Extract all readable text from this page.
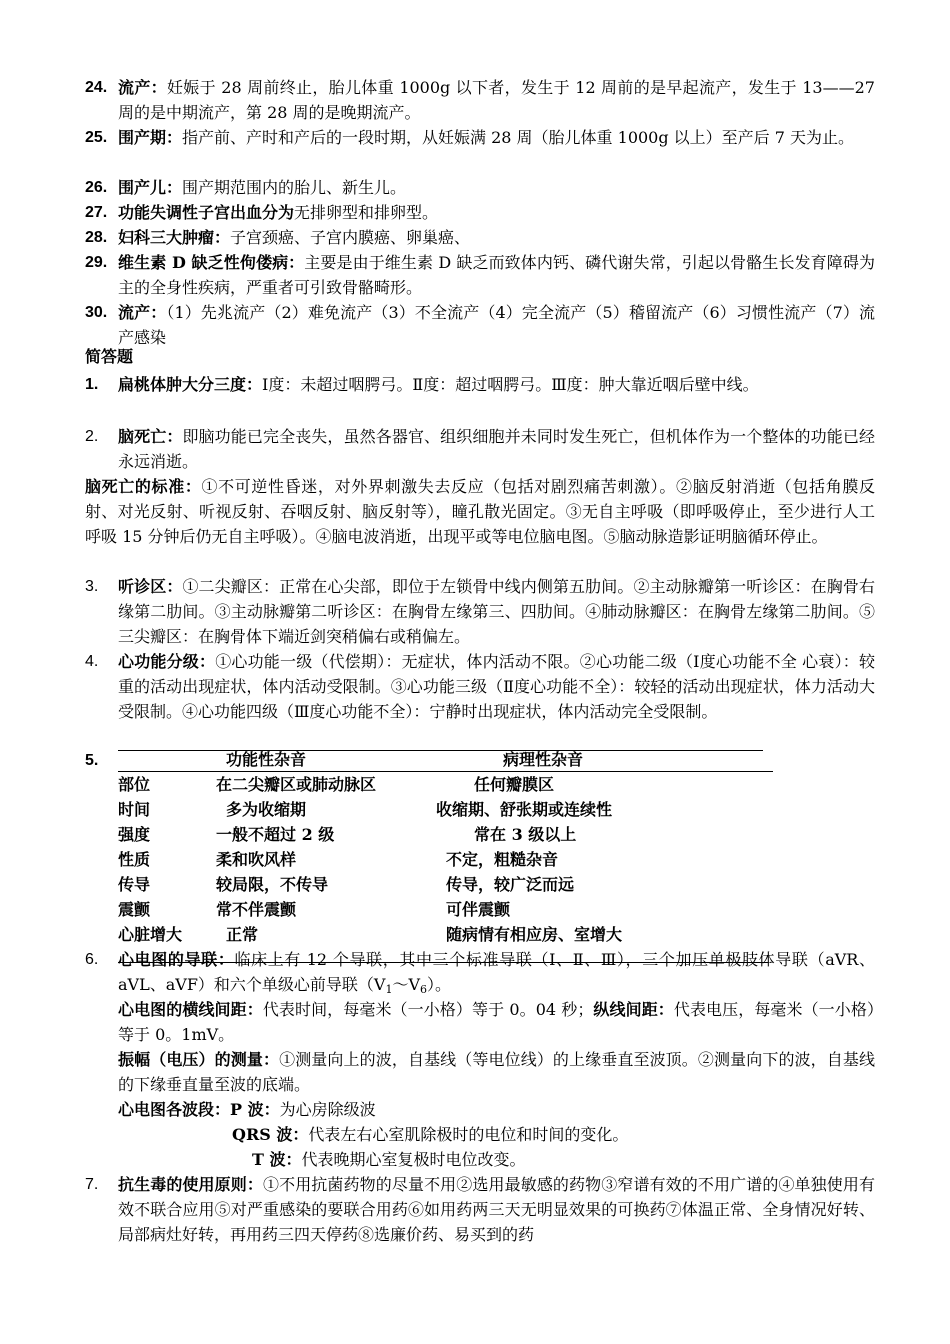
24. 流产：妊娠于 28 周前终止，胎儿体重 1000g 以下者，发生于 12 周前的是早起流产，发生于 13——27 周的是中期流产，第 28 周的是晚期流产。
25. 围产期：指产前、产时和产后的一段时期，从妊娠满 28 周（胎儿体重 1000g 以上）至产后 7 天为止。
26. 围产儿：围产期范围内的胎儿、新生儿。
27. 功能失调性子宫出血分为无排卵型和排卵型。
28. 妇科三大肿瘤：子宫颈癌、子宫内膜癌、卵巢癌、
29. 维生素 D 缺乏性佝偻病：主要是由于维生素 D 缺乏而致体内钙、磷代谢失常，引起以骨骼生长发育障碍为主的全身性疾病，严重者可引致骨骼畸形。
30. 流产：（1）先兆流产（2）难免流产（3）不全流产（4）完全流产（5）稽留流产（6）习惯性流产（7）流产感染
简答题
1. 扁桃体肿大分三度：Ⅰ度：未超过咽腭弓。Ⅱ度：超过咽腭弓。Ⅲ度：肿大靠近咽后壁中线。
2. 脑死亡：即脑功能已完全丧失，虽然各器官、组织细胞并未同时发生死亡，但机体作为一个整体的功能已经永远消逝。
脑死亡的标准：①不可逆性昏迷，对外界刺激失去反应（包括对剧烈痛苦刺激）。②脑反射消逝（包括角膜反射、对光反射、听视反射、吞咽反射、脑反射等），瞳孔散光固定。③无自主呼吸（即呼吸停止，至少进行人工呼吸 15 分钟后仍无自主呼吸）。④脑电波消逝，出现平或等电位脑电图。⑤脑动脉造影证明脑循环停止。
3. 听诊区：①二尖瓣区：正常在心尖部，即位于左锁骨中线内侧第五肋间。②主动脉瓣第一听诊区：在胸骨右缘第二肋间。③主动脉瓣第二听诊区：在胸骨左缘第三、四肋间。④肺动脉瓣区：在胸骨左缘第二肋间。⑤三尖瓣区：在胸骨体下端近剑突稍偏右或稍偏左。
4. 心功能分级：①心功能一级（代偿期）：无症状，体内活动不限。②心功能二级（Ⅰ度心功能不全 心衰）：较重的活动出现症状，体内活动受限制。③心功能三级（Ⅱ度心功能不全）：较轻的活动出现症状，体力活动大受限制。④心功能四级（Ⅲ度心功能不全）：宁静时出现症状，体内活动完全受限制。
5.	功能性杂音	病理性杂音
部位	在二尖瓣区或肺动脉区	任何瓣膜区
时间	多为收缩期	收缩期、舒张期或连续性
强度	一般不超过 2 级	常在 3 级以上
性质	柔和吹风样	不定，粗糙杂音
传导	较局限，不传导	传导，较广泛而远
震颤	常不伴震颤	可伴震颤
心脏增大	正常	随病情有相应房、室增大
6. 心电图的导联：临床上有 12 个导联，其中三个标准导联（Ⅰ、Ⅱ、Ⅲ），三个加压单极肢体导联（aVR、aVL、aVF）和六个单级心前导联$(V_1\sim V_6)$。
心电图的横线间距：代表时间，每毫米（一小格）等于 0。04 秒；纵线间距：代表电压，每毫米（一小格）等于 0。1mV。
振幅（电压）的测量：①测量向上的波，自基线（等电位线）的上缘垂直至波顶。②测量向下的波，自基线的下缘垂直量至波的底端。
心电图各波段：P 波：为心房除级波
QRS 波：代表左右心室肌除极时的电位和时间的变化。
T 波：代表晚期心室复极时电位改变。
7. 抗生毒的使用原则：①不用抗菌药物的尽量不用②选用最敏感的药物③窄谱有效的不用广谱的④单独使用有效不联合应用⑤对严重感染的要联合用药⑥如用药两三天无明显效果的可换药⑦体温正常、全身情况好转、局部病灶好转，再用药三四天停药⑧选廉价药、易买到的药
